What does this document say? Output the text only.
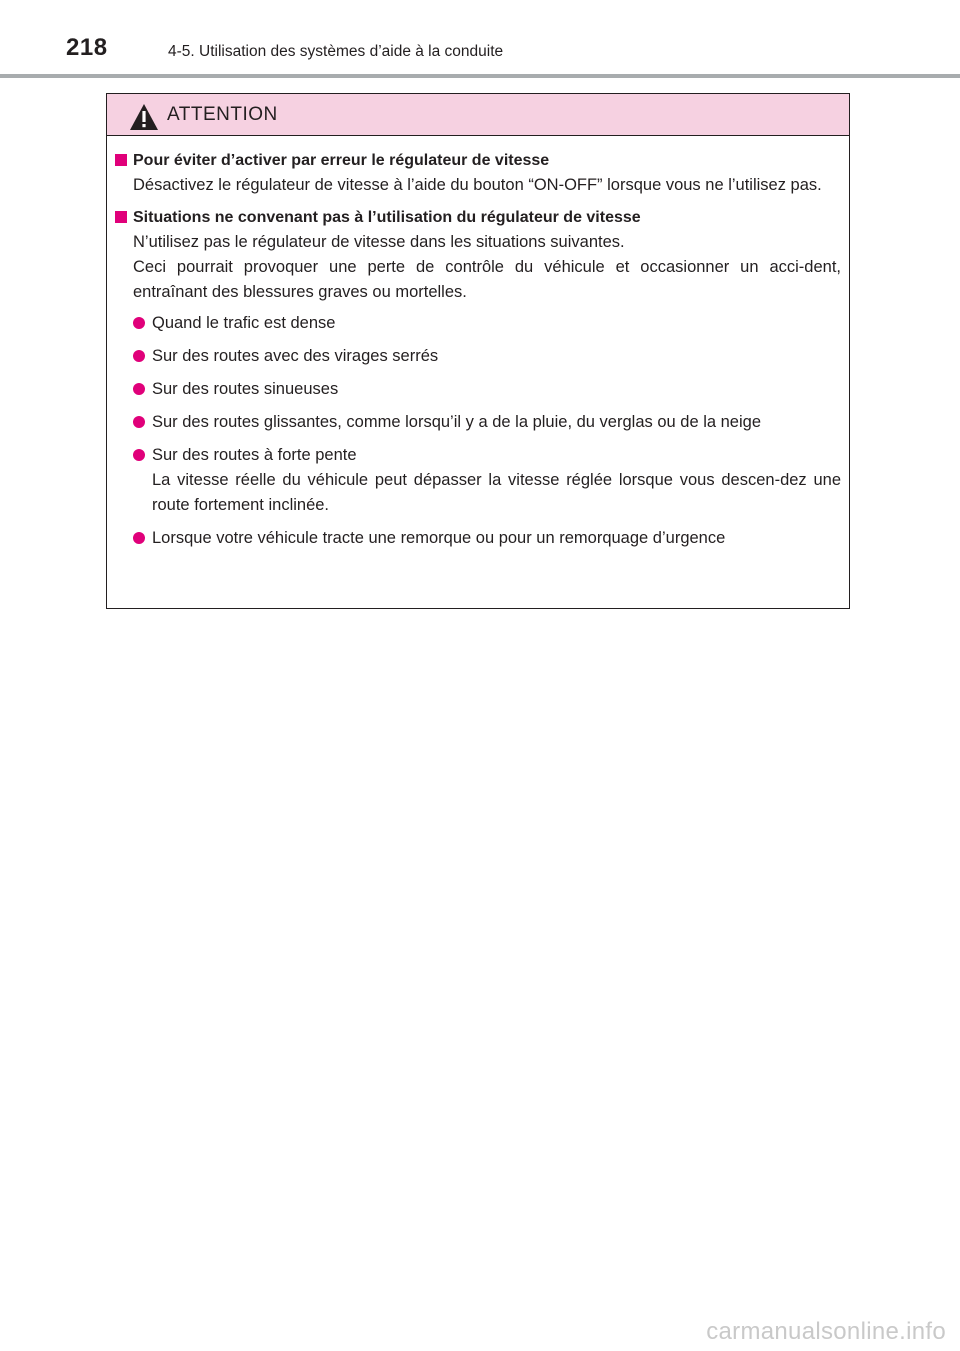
218	4-5. Utilisation des systèmes d’aide à la conduite
ATTENTION
Pour éviter d’activer par erreur le régulateur de vitesse
Désactivez le régulateur de vitesse à l’aide du bouton “ON-OFF” lorsque vous ne l’utilisez pas.
Situations ne convenant pas à l’utilisation du régulateur de vitesse
N’utilisez pas le régulateur de vitesse dans les situations suivantes.
Ceci pourrait provoquer une perte de contrôle du véhicule et occasionner un acci-dent, entraînant des blessures graves ou mortelles.
Quand le trafic est dense
Sur des routes avec des virages serrés
Sur des routes sinueuses
Sur des routes glissantes, comme lorsqu’il y a de la pluie, du verglas ou de la neige
Sur des routes à forte pente
La vitesse réelle du véhicule peut dépasser la vitesse réglée lorsque vous descen-dez une route fortement inclinée.
Lorsque votre véhicule tracte une remorque ou pour un remorquage d’urgence
carmanualsonline.info
